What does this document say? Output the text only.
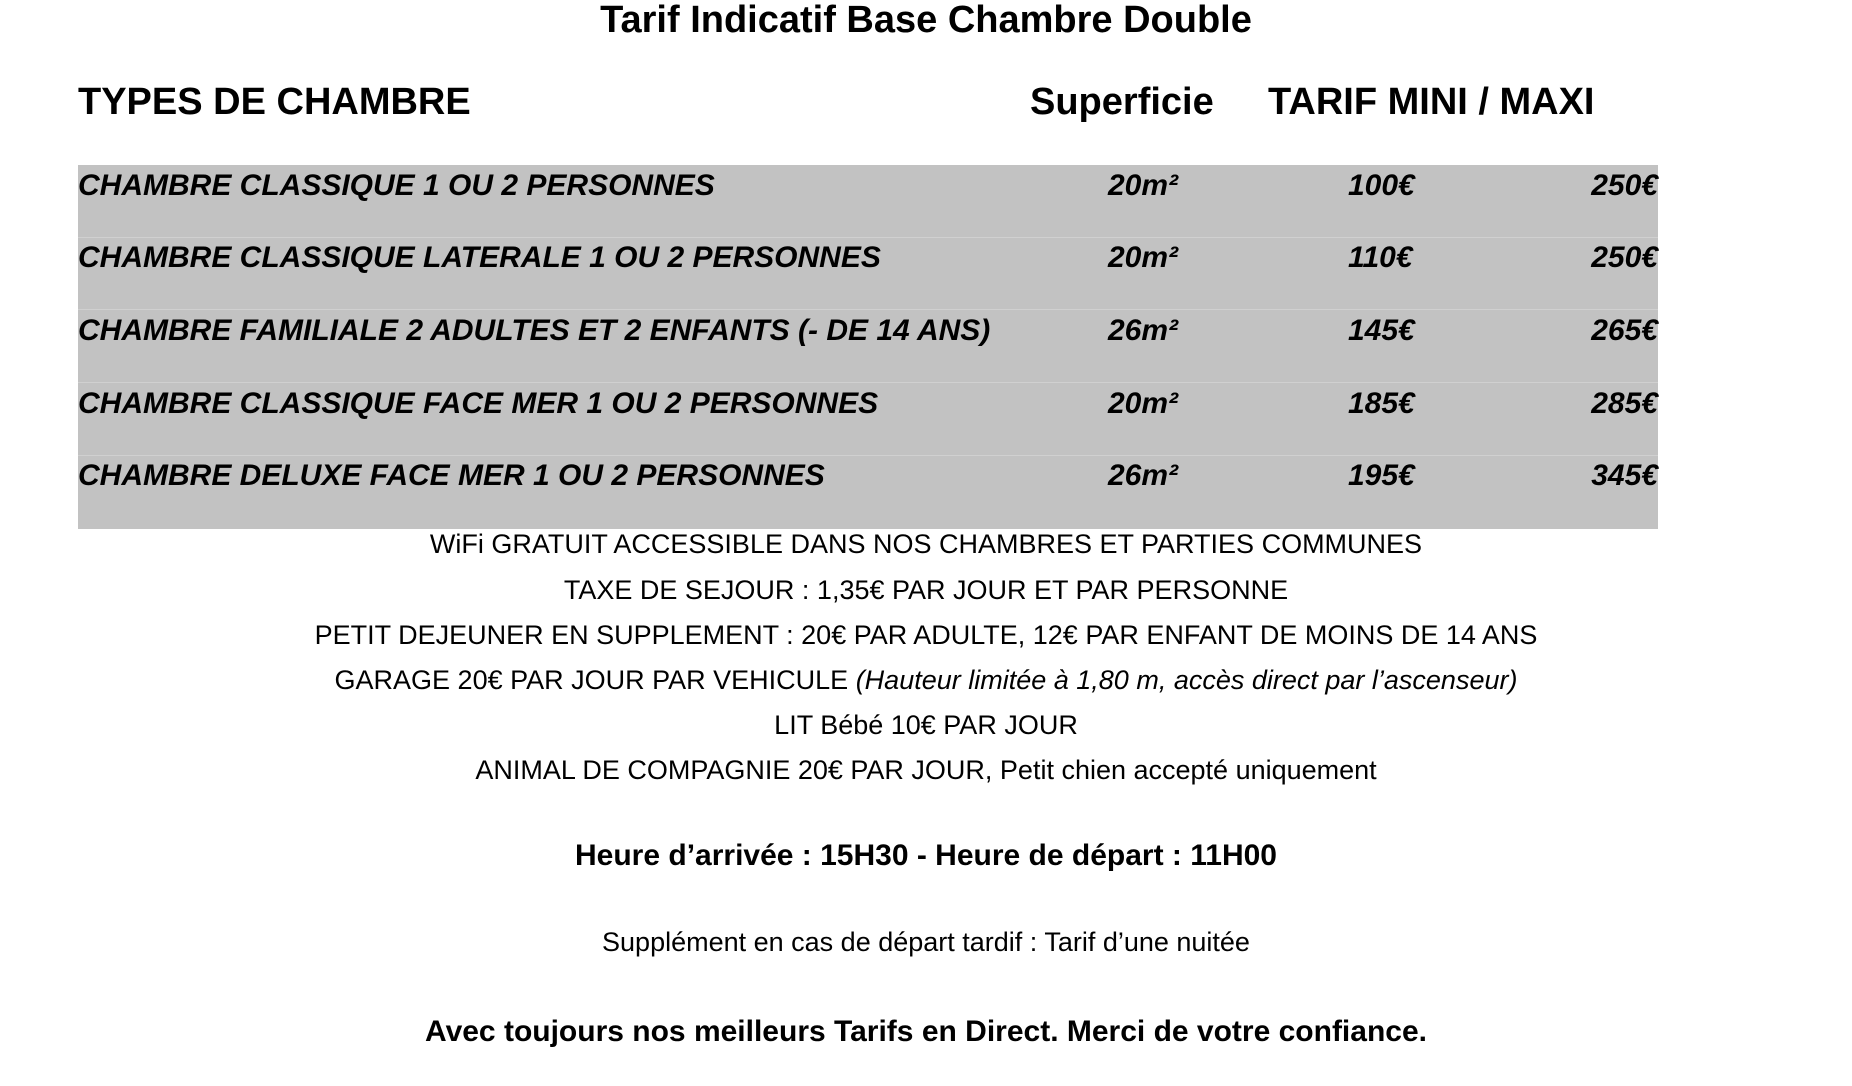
Tarif Indicatif Base Chambre Double
TYPES DE CHAMBRE	Superficie TARIF MINI / MAXI
CHAMBRE CLASSIQUE 1 OU 2 PERSONNES	20m²	100€	250€
CHAMBRE CLASSIQUE LATERALE 1 OU 2 PERSONNES	20m²	110€	250€
CHAMBRE FAMILIALE 2 ADULTES ET 2 ENFANTS (- DE 14 ANS)	26m²	145€	265€
CHAMBRE CLASSIQUE FACE MER 1 OU 2 PERSONNES	20m²	185€	285€
CHAMBRE DELUXE FACE MER 1 OU 2 PERSONNES	26m²	195€	345€
WiFi GRATUIT ACCESSIBLE DANS NOS CHAMBRES ET PARTIES COMMUNES
TAXE DE SEJOUR : 1,35€ PAR JOUR ET PAR PERSONNE
PETIT DEJEUNER EN SUPPLEMENT : 20€ PAR ADULTE, 12€ PAR ENFANT DE MOINS DE 14 ANS
GARAGE 20€ PAR JOUR PAR VEHICULE (Hauteur limitée à 1,80 m, accès direct par l’ascenseur)
LIT Bébé 10€ PAR JOUR
ANIMAL DE COMPAGNIE 20€ PAR JOUR, Petit chien accepté uniquement
Heure d’arrivée : 15H30 - Heure de départ : 11H00
Supplément en cas de départ tardif : Tarif d’une nuitée
Avec toujours nos meilleurs Tarifs en Direct. Merci de votre confiance.
